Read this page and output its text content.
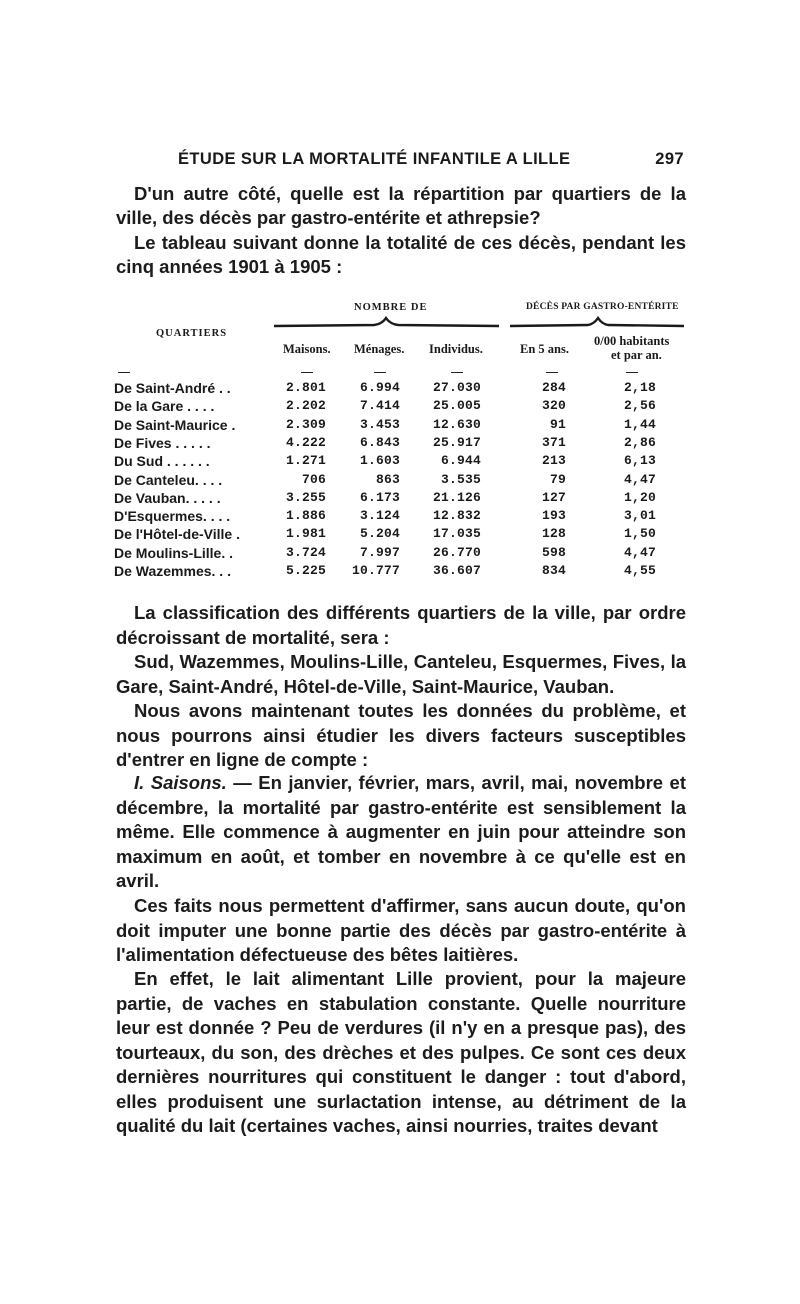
ÉTUDE SUR LA MORTALITÉ INFANTILE A LILLE	297

D'un autre côté, quelle est la répartition par quartiers de la ville, des décès par gastro-entérite et athrepsie?

Le tableau suivant donne la totalité de ces décès, pendant les cinq années 1901 à 1905 :

NOMBRE DE	DÉCÈS PAR GASTRO-ENTÉRITE
QUARTIERS
Maisons. Ménages. Individus.	En 5 ans.
0/00 habitants
et par an.
De Saint-André . .	2.801	6.994	27.030	284	2,18
De la Gare . . . .	2.202	7.414	25.005	320	2,56
De Saint-Maurice .	2.309	3.453	12.630	91	1,44
De Fives . . . . .	4.222	6.843	25.917	371	2,86
Du Sud . . . . . .	1.271	1.603	6.944	213	6,13
De Canteleu. . . .	706	863	3.535	79	4,47
De Vauban. . . . .	3.255	6.173	21.126	127	1,20
D'Esquermes. . . .	1.886	3.124	12.832	193	3,01
De l'Hôtel-de-Ville .	1.981	5.204	17.035	128	1,50
De Moulins-Lille. .	3.724	7.997	26.770	598	4,47
De Wazemmes. . .	5.225 10.777	36.607	834	4,55

La classification des différents quartiers de la ville, par ordre décroissant de mortalité, sera :

Sud, Wazemmes, Moulins-Lille, Canteleu, Esquermes, Fives, la Gare, Saint-André, Hôtel-de-Ville, Saint-Maurice, Vauban.

Nous avons maintenant toutes les données du problème, et nous pourrons ainsi étudier les divers facteurs susceptibles d'entrer en ligne de compte :

I. Saisons. — En janvier, février, mars, avril, mai, novembre et décembre, la mortalité par gastro-entérite est sensiblement la même. Elle commence à augmenter en juin pour atteindre son maximum en août, et tomber en novembre à ce qu'elle est en avril.

Ces faits nous permettent d'affirmer, sans aucun doute, qu'on doit imputer une bonne partie des décès par gastro-entérite à l'alimentation défectueuse des bêtes laitières.

En effet, le lait alimentant Lille provient, pour la majeure partie, de vaches en stabulation constante. Quelle nourriture leur est donnée ? Peu de verdures (il n'y en a presque pas), des tourteaux, du son, des drèches et des pulpes. Ce sont ces deux dernières nourritures qui constituent le danger : tout d'abord, elles produisent une surlactation intense, au détriment de la qualité du lait (certaines vaches, ainsi nourries, traites devant
